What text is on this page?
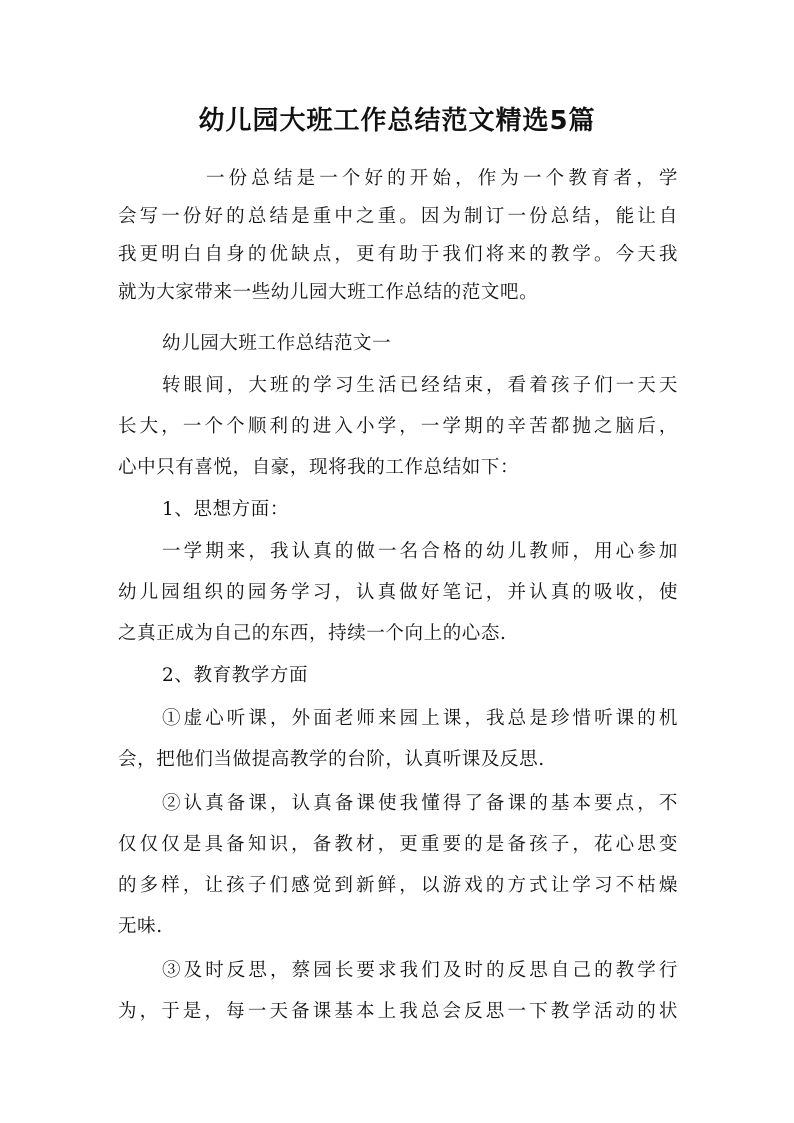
幼儿园大班工作总结范文精选5篇
一份总结是一个好的开始，作为一个教育者，学
会写一份好的总结是重中之重。因为制订一份总结，能让自
我更明白自身的优缺点，更有助于我们将来的教学。今天我
就为大家带来一些幼儿园大班工作总结的范文吧。
幼儿园大班工作总结范文一
转眼间，大班的学习生活已经结束，看着孩子们一天天
长大，一个个顺利的进入小学，一学期的辛苦都抛之脑后，
心中只有喜悦，自豪，现将我的工作总结如下：
1、思想方面：
一学期来，我认真的做一名合格的幼儿教师，用心参加
幼儿园组织的园务学习，认真做好笔记，并认真的吸收，使
之真正成为自己的东西，持续一个向上的心态.
2、教育教学方面
①虚心听课，外面老师来园上课，我总是珍惜听课的机
会，把他们当做提高教学的台阶，认真听课及反思.
②认真备课，认真备课使我懂得了备课的基本要点，不
仅仅仅是具备知识，备教材，更重要的是备孩子，花心思变
的多样，让孩子们感觉到新鲜，以游戏的方式让学习不枯燥
无味.
③及时反思，蔡园长要求我们及时的反思自己的教学行
为，于是，每一天备课基本上我总会反思一下教学活动的状
